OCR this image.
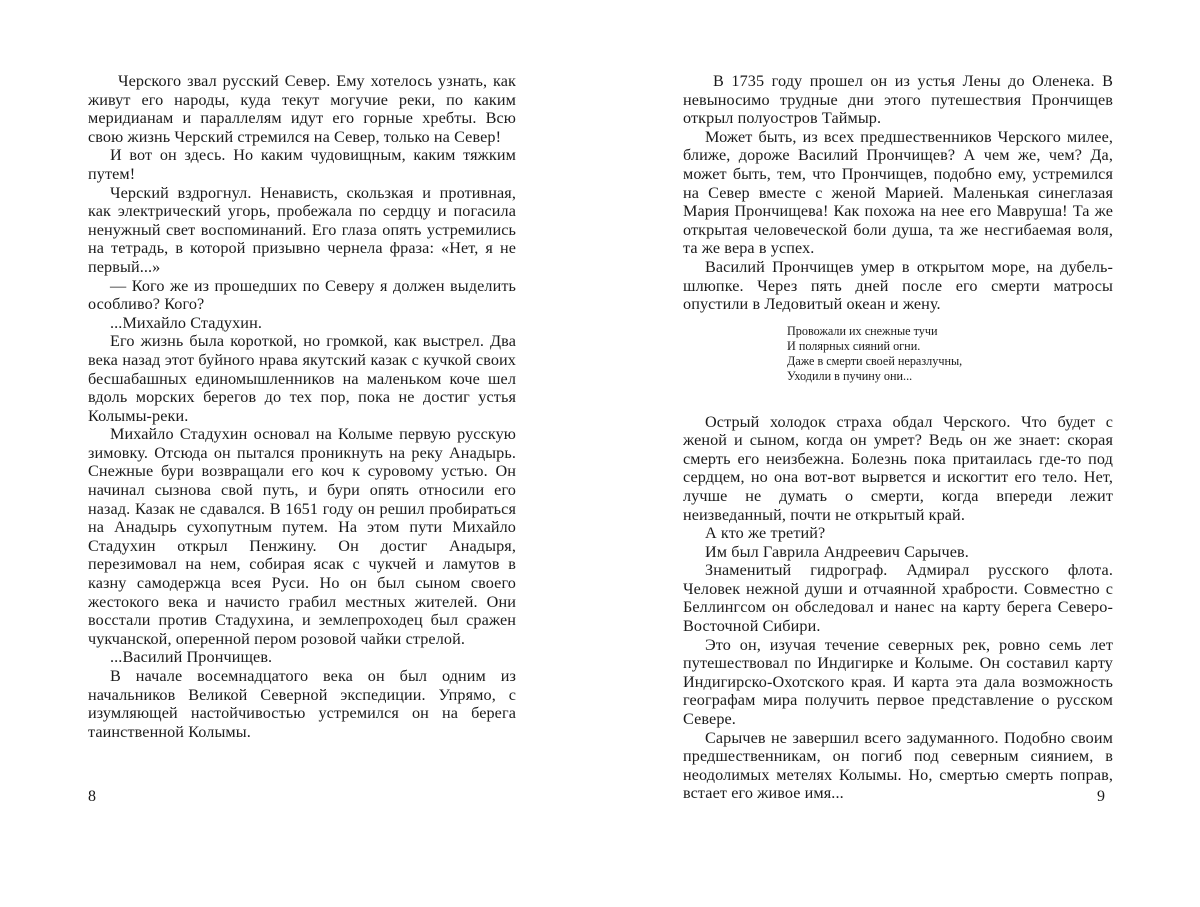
Черского звал русский Север. Ему хотелось узнать, как живут его народы, куда текут могучие реки, по каким меридианам и параллелям идут его горные хребты. Всю свою жизнь Черский стремился на Север, только на Север!

И вот он здесь. Но каким чудовищным, каким тяжким путем!

Черский вздрогнул. Ненависть, скользкая и противная, как электрический угорь, пробежала по сердцу и погасила ненужный свет воспоминаний. Его глаза опять устремились на тетрадь, в которой призывно чернела фраза: «Нет, я не первый...»

— Кого же из прошедших по Северу я должен выделить особливо? Кого?

...Михайло Стадухин.

Его жизнь была короткой, но громкой, как выстрел. Два века назад этот буйного нрава якутский казак с кучкой своих бесшабашных единомышленников на маленьком коче шел вдоль морских берегов до тех пор, пока не достиг устья Колымы-реки.

Михайло Стадухин основал на Колыме первую русскую зимовку. Отсюда он пытался проникнуть на реку Анадырь. Снежные бури возвращали его коч к суровому устью. Он начинал сызнова свой путь, и бури опять относили его назад. Казак не сдавался. В 1651 году он решил пробираться на Анадырь сухопутным путем. На этом пути Михайло Стадухин открыл Пенжину. Он достиг Анадыря, перезимовал на нем, собирая ясак с чукчей и ламутов в казну самодержца всея Руси. Но он был сыном своего жестокого века и начисто грабил местных жителей. Они восстали против Стадухина, и землепроходец был сражен чукчанской, оперенной пером розовой чайки стрелой.

...Василий Прончищев.

В начале восемнадцатого века он был одним из начальников Великой Северной экспедиции. Упрямо, с изумляющей настойчивостью устремился он на берега таинственной Колымы.

В 1735 году прошел он из устья Лены до Оленека. В невыносимо трудные дни этого путешествия Прончищев открыл полуостров Таймыр.

Может быть, из всех предшественников Черского милее, ближе, дороже Василий Прончищев? А чем же, чем? Да, может быть, тем, что Прончищев, подобно ему, устремился на Север вместе с женой Марией. Маленькая синеглазая Мария Прончищева! Как похожа на нее его Мавруша! Та же открытая человеческой боли душа, та же несгибаемая воля, та же вера в успех.

Василий Прончищев умер в открытом море, на дубель-шлюпке. Через пять дней после его смерти матросы опустили в Ледовитый океан и жену.

Провожали их снежные тучи
И полярных сияний огни.
Даже в смерти своей неразлучны,
Уходили в пучину они...

Острый холодок страха обдал Черского. Что будет с женой и сыном, когда он умрет? Ведь он же знает: скорая смерть его неизбежна. Болезнь пока притаилась где-то под сердцем, но она вот-вот вырвется и искогтит его тело. Нет, лучше не думать о смерти, когда впереди лежит неизведанный, почти не открытый край.

А кто же третий?

Им был Гаврила Андреевич Сарычев.

Знаменитый гидрограф. Адмирал русского флота. Человек нежной души и отчаянной храбрости. Совместно с Беллингсом он обследовал и нанес на карту берега Северо-Восточной Сибири.

Это он, изучая течение северных рек, ровно семь лет путешествовал по Индигирке и Колыме. Он составил карту Индигирско-Охотского края. И карта эта дала возможность географам мира получить первое представление о русском Севере.

Сарычев не завершил всего задуманного. Подобно своим предшественникам, он погиб под северным сиянием, в неодолимых метелях Колымы. Но, смертью смерть поправ, встает его живое имя...

8	9
